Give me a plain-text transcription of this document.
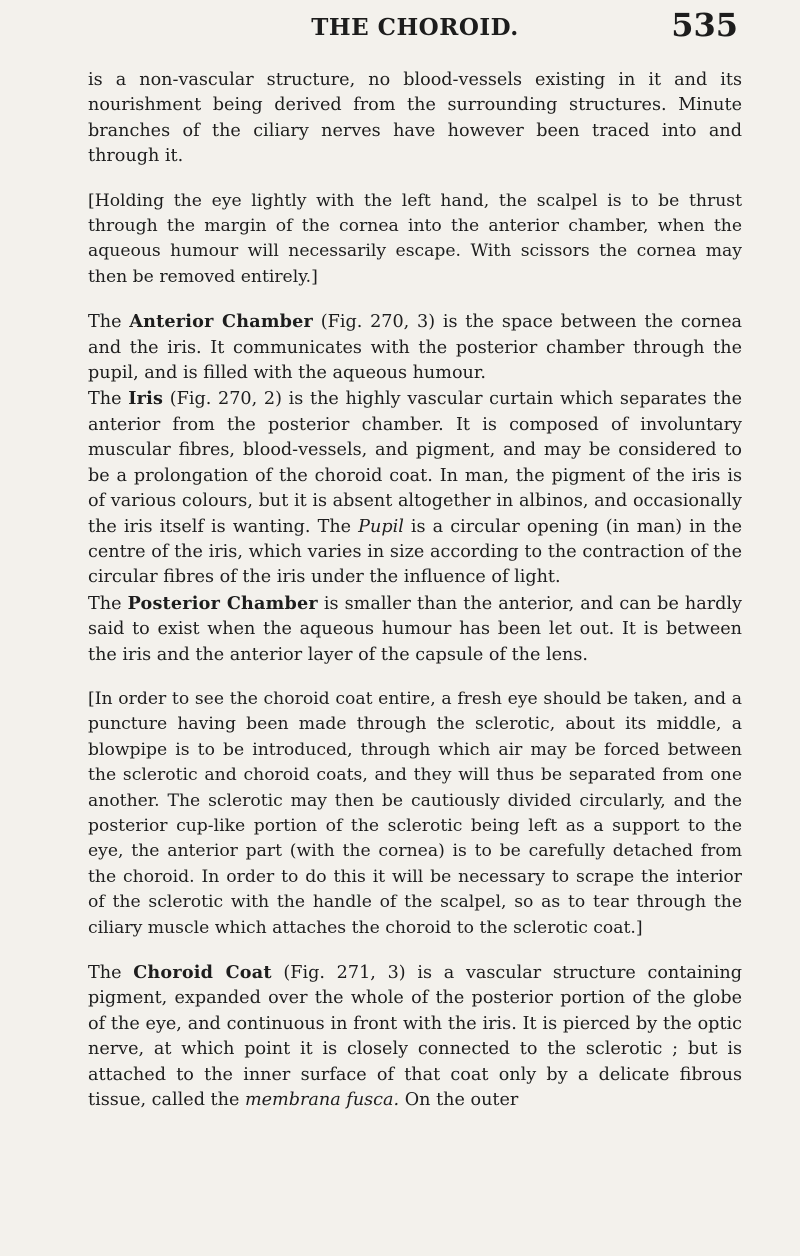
THE CHOROID.	535

is a non-vascular structure, no blood-vessels existing in it and its nourishment being derived from the surrounding structures. Minute branches of the ciliary nerves have however been traced into and through it.

[Holding the eye lightly with the left hand, the scalpel is to be thrust through the margin of the cornea into the anterior chamber, when the aqueous humour will necessarily escape. With scissors the cornea may then be removed entirely.]

The Anterior Chamber (Fig. 270, 3) is the space between the cornea and the iris. It communicates with the posterior chamber through the pupil, and is filled with the aqueous humour.

The Iris (Fig. 270, 2) is the highly vascular curtain which separates the anterior from the posterior chamber. It is composed of involuntary muscular fibres, blood-vessels, and pigment, and may be considered to be a prolongation of the choroid coat. In man, the pigment of the iris is of various colours, but it is absent altogether in albinos, and occasionally the iris itself is wanting. The Pupil is a circular opening (in man) in the centre of the iris, which varies in size according to the contraction of the circular fibres of the iris under the influence of light.

The Posterior Chamber is smaller than the anterior, and can be hardly said to exist when the aqueous humour has been let out. It is between the iris and the anterior layer of the capsule of the lens.

[In order to see the choroid coat entire, a fresh eye should be taken, and a puncture having been made through the sclerotic, about its middle, a blowpipe is to be introduced, through which air may be forced between the sclerotic and choroid coats, and they will thus be separated from one another. The sclerotic may then be cautiously divided circularly, and the posterior cup-like portion of the sclerotic being left as a support to the eye, the anterior part (with the cornea) is to be carefully detached from the choroid. In order to do this it will be necessary to scrape the interior of the sclerotic with the handle of the scalpel, so as to tear through the ciliary muscle which attaches the choroid to the sclerotic coat.]

The Choroid Coat (Fig. 271, 3) is a vascular structure containing pigment, expanded over the whole of the posterior portion of the globe of the eye, and continuous in front with the iris. It is pierced by the optic nerve, at which point it is closely connected to the sclerotic ; but is attached to the inner surface of that coat only by a delicate fibrous tissue, called the membrana fusca. On the outer
